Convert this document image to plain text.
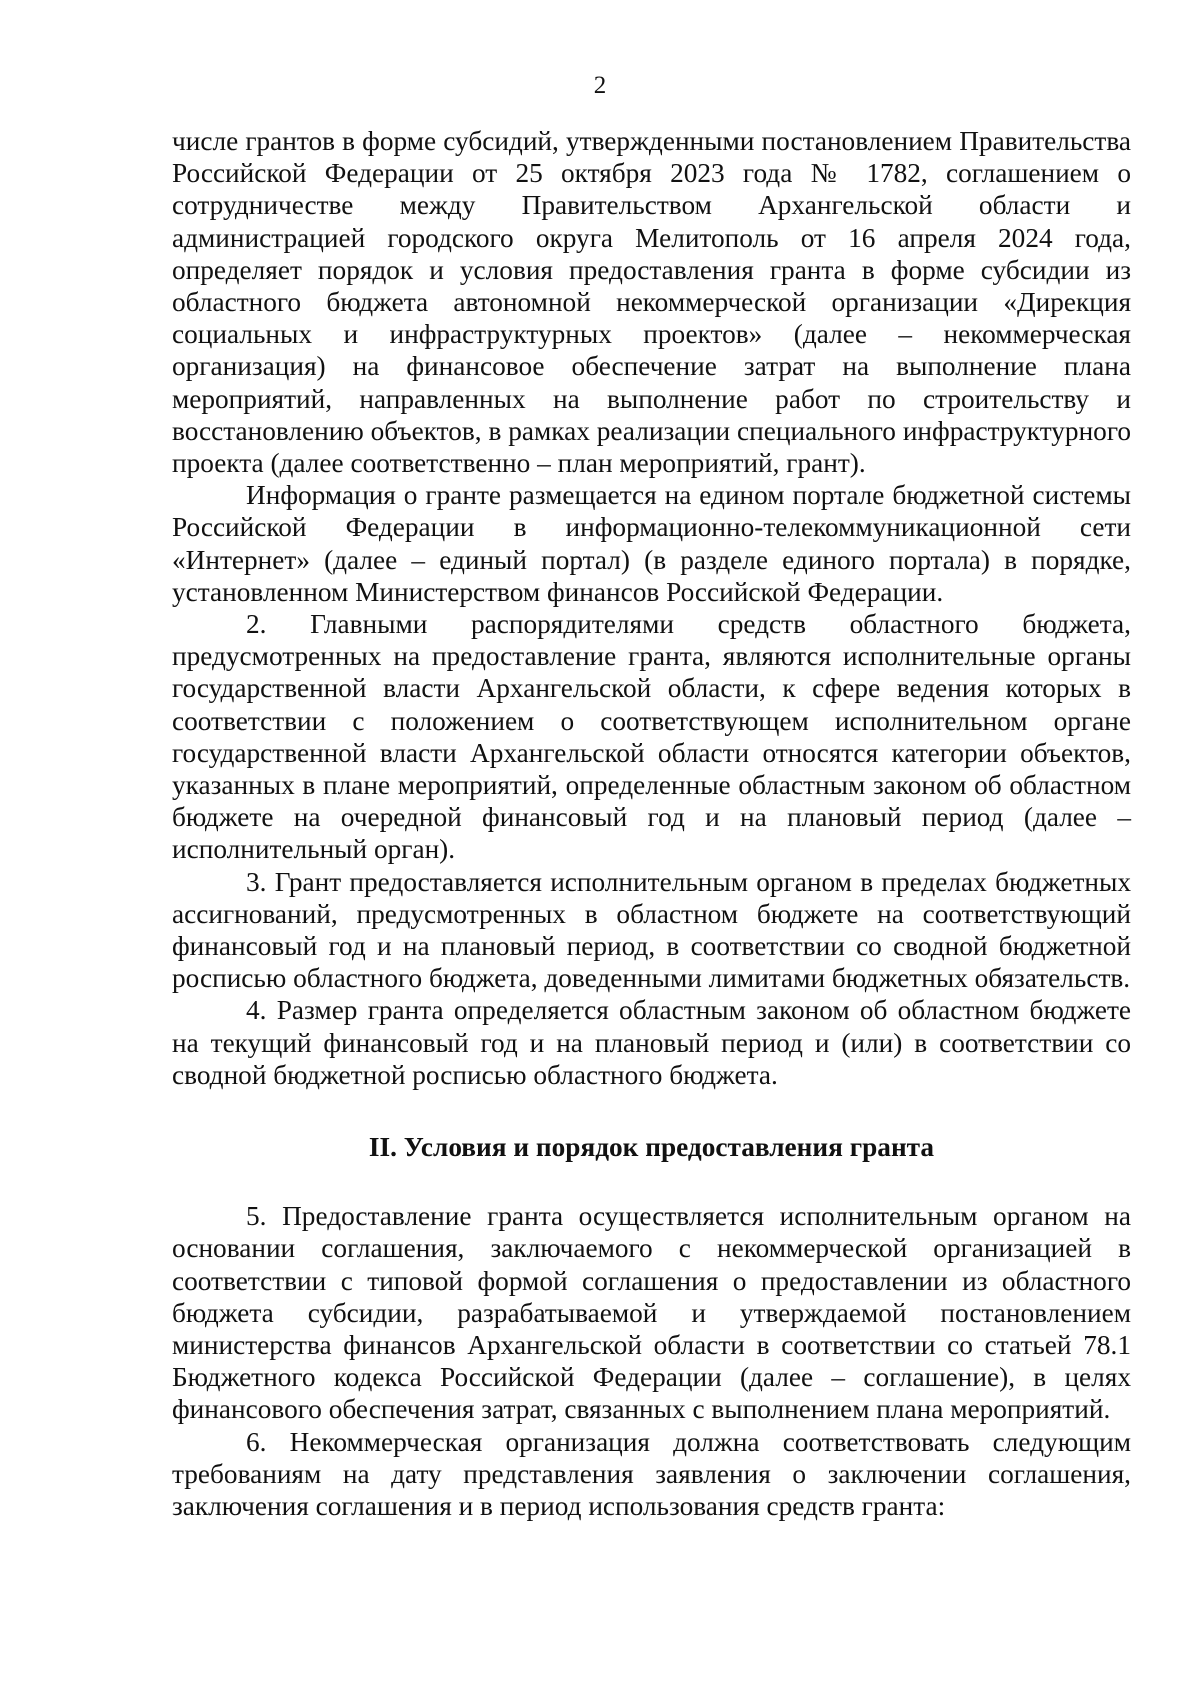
2

числе грантов в форме субсидий, утвержденными постановлением Правительства Российской Федерации от 25 октября 2023 года № 1782, соглашением о сотрудничестве между Правительством Архангельской области и администрацией городского округа Мелитополь от 16 апреля 2024 года, определяет порядок и условия предоставления гранта в форме субсидии из областного бюджета автономной некоммерческой организации «Дирекция социальных и инфраструктурных проектов» (далее – некоммерческая организация) на финансовое обеспечение затрат на выполнение плана мероприятий, направленных на выполнение работ по строительству и восстановлению объектов, в рамках реализации специального инфраструктурного проекта (далее соответственно – план мероприятий, грант).

Информация о гранте размещается на едином портале бюджетной системы Российской Федерации в информационно-телекоммуникационной сети «Интернет» (далее – единый портал) (в разделе единого портала) в порядке, установленном Министерством финансов Российской Федерации.

2. Главными распорядителями средств областного бюджета, предусмотренных на предоставление гранта, являются исполнительные органы государственной власти Архангельской области, к сфере ведения которых в соответствии с положением о соответствующем исполнительном органе государственной власти Архангельской области относятся категории объектов, указанных в плане мероприятий, определенные областным законом об областном бюджете на очередной финансовый год и на плановый период (далее – исполнительный орган).

3. Грант предоставляется исполнительным органом в пределах бюджетных ассигнований, предусмотренных в областном бюджете на соответствующий финансовый год и на плановый период, в соответствии со сводной бюджетной росписью областного бюджета, доведенными лимитами бюджетных обязательств.

4. Размер гранта определяется областным законом об областном бюджете на текущий финансовый год и на плановый период и (или) в соответствии со сводной бюджетной росписью областного бюджета.

II. Условия и порядок предоставления гранта

5. Предоставление гранта осуществляется исполнительным органом на основании соглашения, заключаемого с некоммерческой организацией в соответствии с типовой формой соглашения о предоставлении из областного бюджета субсидии, разрабатываемой и утверждаемой постановлением министерства финансов Архангельской области в соответствии со статьей 78.1 Бюджетного кодекса Российской Федерации (далее – соглашение), в целях финансового обеспечения затрат, связанных с выполнением плана мероприятий.

6. Некоммерческая организация должна соответствовать следующим требованиям на дату представления заявления о заключении соглашения, заключения соглашения и в период использования средств гранта:
